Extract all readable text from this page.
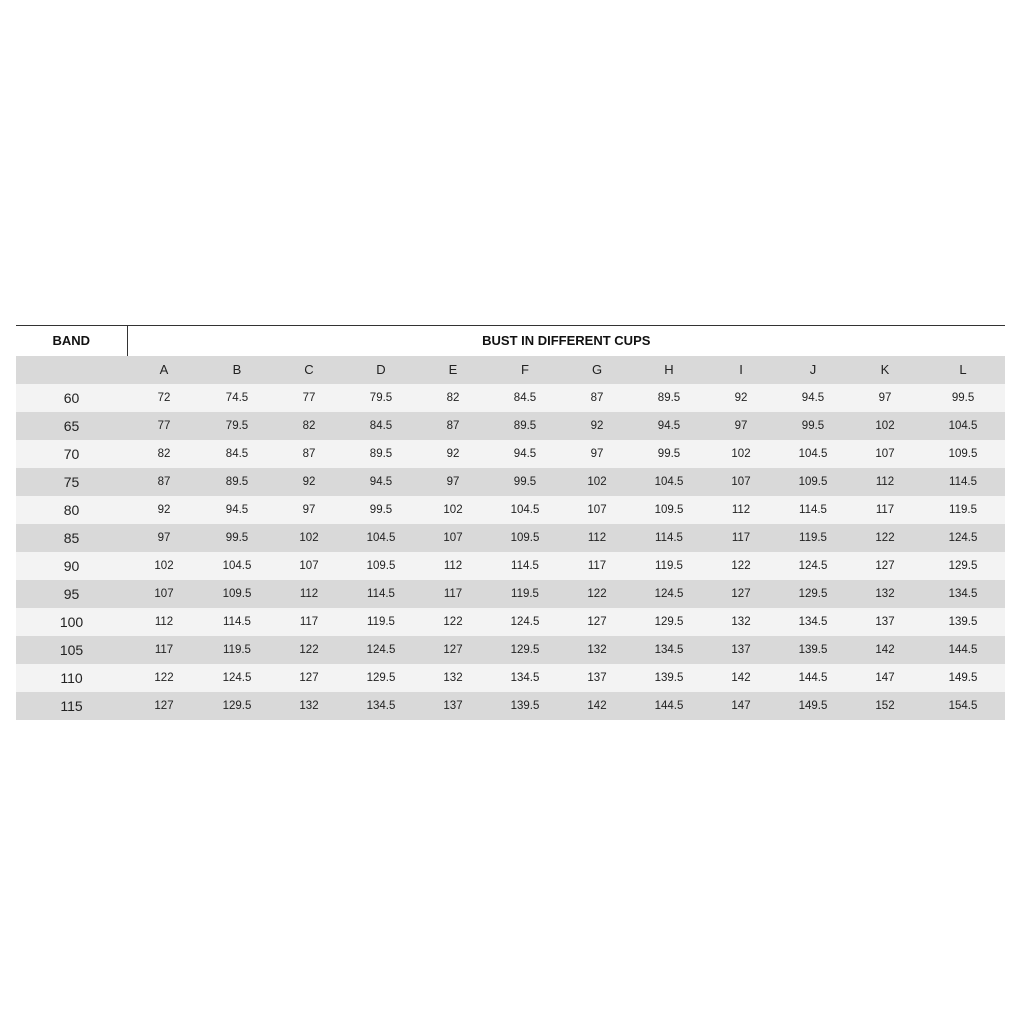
BAND	BUST IN DIFFERENT CUPS											
	A	B	C	D	E	F	G	H	I	J	K	L
60	72	74.5	77	79.5	82	84.5	87	89.5	92	94.5	97	99.5
65	77	79.5	82	84.5	87	89.5	92	94.5	97	99.5	102	104.5
70	82	84.5	87	89.5	92	94.5	97	99.5	102	104.5	107	109.5
75	87	89.5	92	94.5	97	99.5	102	104.5	107	109.5	112	114.5
80	92	94.5	97	99.5	102	104.5	107	109.5	112	114.5	117	119.5
85	97	99.5	102	104.5	107	109.5	112	114.5	117	119.5	122	124.5
90	102	104.5	107	109.5	112	114.5	117	119.5	122	124.5	127	129.5
95	107	109.5	112	114.5	117	119.5	122	124.5	127	129.5	132	134.5
100	112	114.5	117	119.5	122	124.5	127	129.5	132	134.5	137	139.5
105	117	119.5	122	124.5	127	129.5	132	134.5	137	139.5	142	144.5
110	122	124.5	127	129.5	132	134.5	137	139.5	142	144.5	147	149.5
115	127	129.5	132	134.5	137	139.5	142	144.5	147	149.5	152	154.5
